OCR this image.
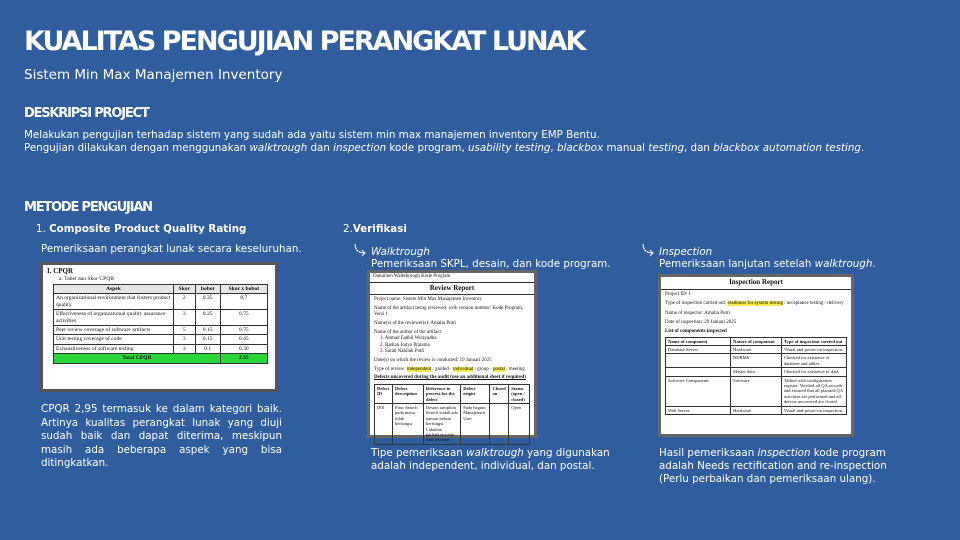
KUALITAS PENGUJIAN PERANGKAT LUNAK
Sistem Min Max Manajemen Inventory
DESKRIPSI PROJECT
Melakukan pengujian terhadap sistem yang sudah ada yaitu sistem min max manajemen inventory EMP Bentu.
Pengujian dilakukan dengan menggunakan walktrough dan inspection kode program, usability testing, blackbox manual testing, dan blackbox automation testing.
METODE PENGUJIAN
1. Composite Product Quality Rating
Pemeriksaan perangkat lunak secara keseluruhan.
I. CPQR
a. Tabel dan Skor CPQR
Aspek	Skor	bobot	Skor x bobot
An organizational environment that fosters product quality.	2	0.35	0.7
Effectiveness of organizational quality assurance activities	3	0.25	0.75
Peer review coverage of software artifacts	5	0.15	0.75
Unit testing coverage of code	3	0.15	0.45
Exhaustiveness of software testing	3	0.1	0.30
Total CPQR			2.95
CPQR 2,95 termasuk ke dalam kategori baik. Artinya kualitas perangkat lunak yang diuji sudah baik dan dapat diterima, meskipun masih ada beberapa aspek yang bisa ditingkatkan.
2.Verifikasi
Walktrough
Pemeriksaan SKPL, desain, dan kode program.
Dokumen Walkthrough Kode Program
Review Report
Project name: Sistem Min Max Manajemen Inventory
Name of the artifact being reviewed, with version number: Kode Program, Versi 1
Name(s) of the reviewer(s): Amalia Putri
Name of the author of the artifact:
1. Ahmad Fadhil Wirayudha
2. Radian Jodya Pratama
3. Sarah Nabilah Putri
Date(s) on which the review is conducted: 19 Januari 2025
Type of review: independent / guided · individual / group · postal / meeting
Defects uncovered during the audit (use an additional sheet if required)
Defect ID	Defect description	Reference to process for the defect	Defect origin	Closed on	Status (open / closed)
D01	Fitur Search pada menu tidak berfungsi	Desain tampilan Search sudah ada namun belum berfungsi. Lakukan perbaikan pada fitur tersebut.	Pada bagian Manajemen User		Open
Tipe pemeriksaan walktrough yang digunakan
adalah independent, individual, dan postal.
Inspection
Pemeriksaan lanjutan setelah walktrough.
Inspection Report
Project ID: 1
Type of inspection carried out: readiness for system testing / acceptance testing / delivery
Name of inspector: Amalia Putri
Date of inspection: 29 Januari 2025
List of components inspected
Name of component	Nature of component	Type of inspection carried out
Database Server	Hardware	Visual and power-on inspection.
	RDBMS	Checked for existence of database and tables.
	Master data	Checked for existence of data.
Software Components	Software	Tallied with configuration register. Verified all QA records and ensured that all planned QA activities are performed and all defects uncovered are closed.
Web Server	Hardware	Visual and power-on inspection.
Hasil pemeriksaan inspection kode program
adalah Needs rectification and re-inspection
(Perlu perbaikan dan pemeriksaan ulang).
